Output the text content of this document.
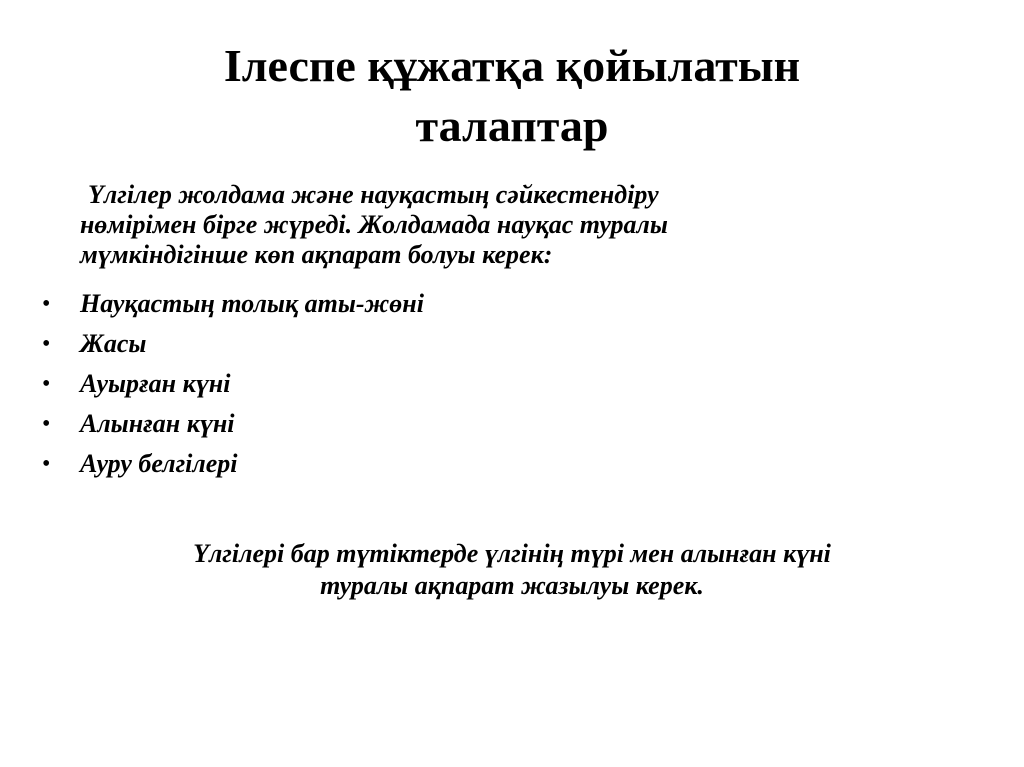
Ілеспе құжатқа қойылатын
талаптар

Үлгілер жолдама және науқастың сәйкестендіру
нөмірімен бірге жүреді. Жолдамада науқас туралы
мүмкіндігінше көп ақпарат болуы керек:

• Науқастың толық аты-жөні
• Жасы
• Ауырған күні
• Алынған күні
• Ауру белгілері

Үлгілері бар түтіктерде үлгінің түрі мен алынған күні
туралы ақпарат жазылуы керек.
